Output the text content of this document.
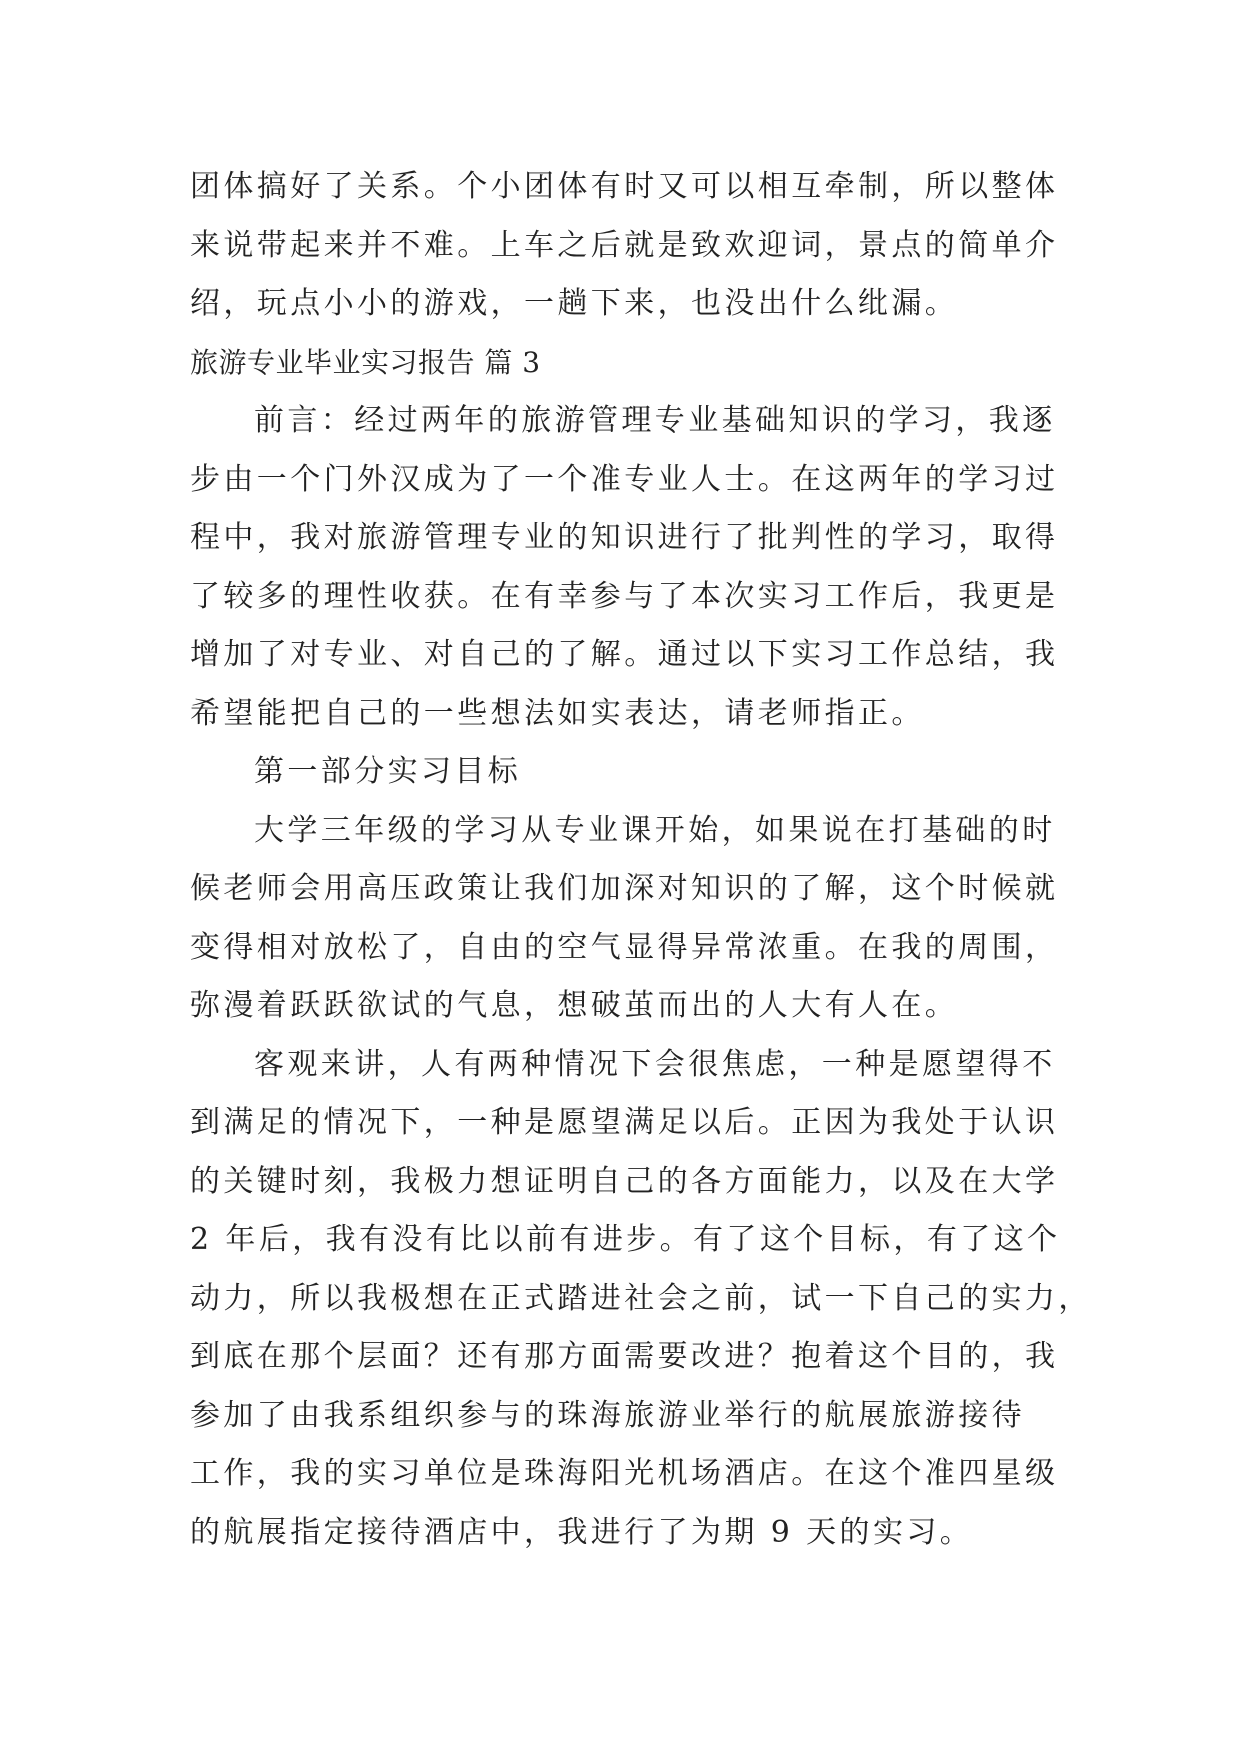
团体搞好了关系。个小团体有时又可以相互牵制，所以整体
来说带起来并不难。上车之后就是致欢迎词，景点的简单介
绍，玩点小小的游戏，一趟下来，也没出什么纰漏。
旅游专业毕业实习报告 篇 3
前言：经过两年的旅游管理专业基础知识的学习，我逐
步由一个门外汉成为了一个准专业人士。在这两年的学习过
程中，我对旅游管理专业的知识进行了批判性的学习，取得
了较多的理性收获。在有幸参与了本次实习工作后，我更是
增加了对专业、对自己的了解。通过以下实习工作总结，我
希望能把自己的一些想法如实表达，请老师指正。
第一部分实习目标
大学三年级的学习从专业课开始，如果说在打基础的时
候老师会用高压政策让我们加深对知识的了解，这个时候就
变得相对放松了，自由的空气显得异常浓重。在我的周围，
弥漫着跃跃欲试的气息，想破茧而出的人大有人在。
客观来讲，人有两种情况下会很焦虑，一种是愿望得不
到满足的情况下，一种是愿望满足以后。正因为我处于认识
的关键时刻，我极力想证明自己的各方面能力，以及在大学
2 年后，我有没有比以前有进步。有了这个目标，有了这个
动力，所以我极想在正式踏进社会之前，试一下自己的实力，
到底在那个层面？还有那方面需要改进？抱着这个目的，我
参加了由我系组织参与的珠海旅游业举行的航展旅游接待
工作，我的实习单位是珠海阳光机场酒店。在这个准四星级
的航展指定接待酒店中，我进行了为期 9 天的实习。
